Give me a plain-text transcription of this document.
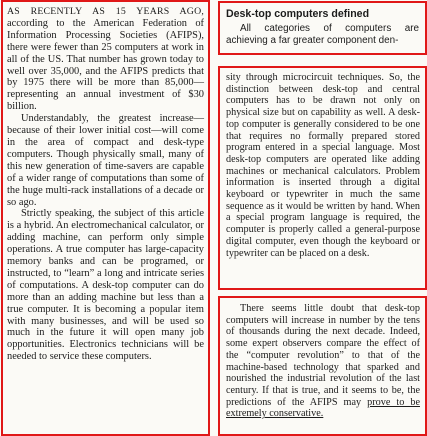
AS RECENTLY AS 15 YEARS AGO, according to the American Federation of Information Processing Societies (AFIPS), there were fewer than 25 computers at work in all of the US. That number has grown today to well over 35,000, and the AFIPS predicts that by 1975 there will be more than 85,000—representing an annual investment of $30 billion.

Understandably, the greatest increase—because of their lower initial cost—will come in the area of compact and desk-type computers. Though physically small, many of this new generation of time-savers are capable of a wider range of computations than some of the huge multi-rack installations of a decade or so ago.

Strictly speaking, the subject of this article is a hybrid. An electromechanical calculator, or adding machine, can perform only simple operations. A true computer has large-capacity memory banks and can be programed, or instructed, to “learn” a long and intricate series of computations. A desk-top computer can do more than an adding machine but less than a true computer. It is becoming a popular item with many businesses, and will be used so much in the future it will open many job opportunities. Electronics technicians will be needed to service these computers.

Desk-top computers defined

All categories of computers are achieving a far greater component den-

sity through microcircuit techniques. So, the distinction between desk-top and central computers has to be drawn not only on physical size but on capability as well. A desk-top computer is generally considered to be one that requires no formally prepared stored program entered in a special language. Most desk-top computers are operated like adding machines or mechanical calculators. Problem information is inserted through a digital keyboard or typewriter in much the same sequence as it would be written by hand. When a special program language is required, the computer is properly called a general-purpose digital computer, even though the keyboard or typewriter can be placed on a desk.

There seems little doubt that desk-top computers will increase in number by the tens of thousands during the next decade. Indeed, some expert observers compare the effect of the “computer revolution” to that of the machine-based technology that sparked and nourished the industrial revolution of the last century. If that is true, and it seems to be, the predictions of the AFIPS may prove to be extremely conservative.
